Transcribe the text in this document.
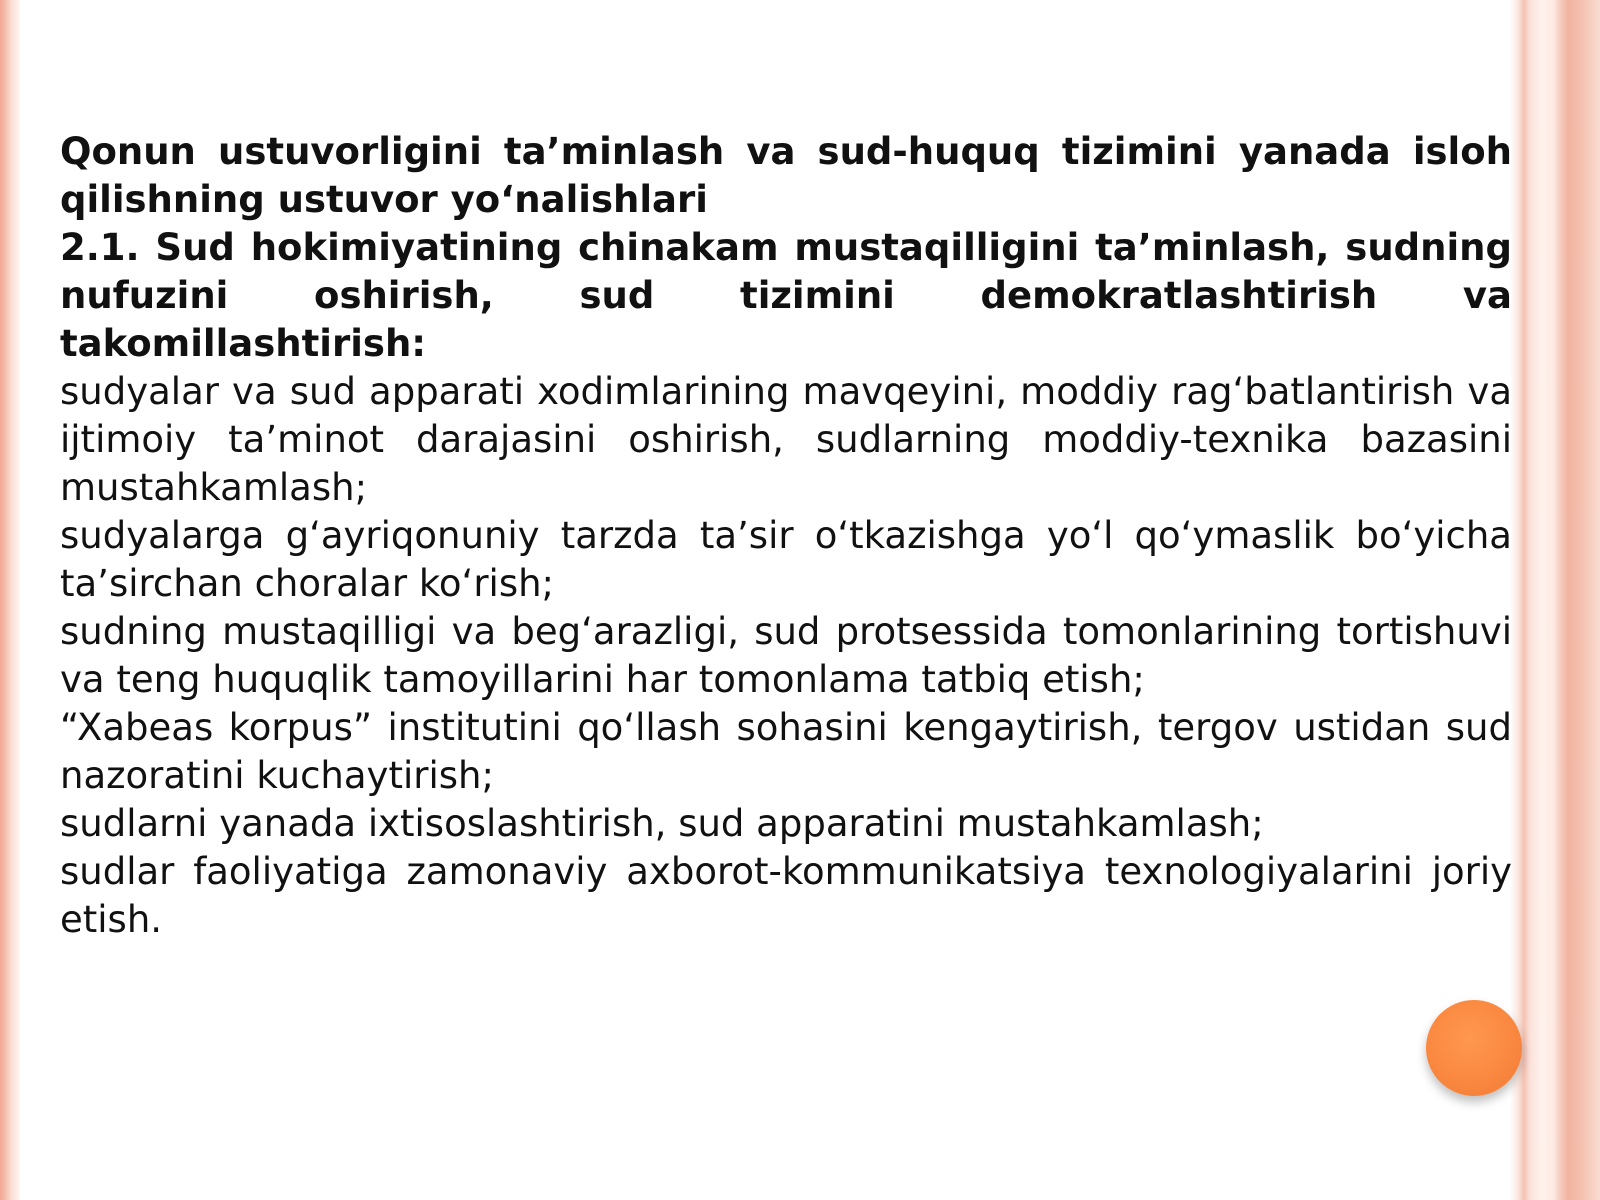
Qonun ustuvorligini ta’minlash va sud-huquq tizimini yanada isloh qilishning ustuvor yo‘nalishlari

2.1. Sud hokimiyatining chinakam mustaqilligini ta’minlash, sudning nufuzini oshirish, sud tizimini demokratlashtirish va takomillashtirish:

sudyalar va sud apparati xodimlarining mavqeyini, moddiy rag‘batlantirish va ijtimoiy ta’minot darajasini oshirish, sudlarning moddiy-texnika bazasini mustahkamlash;

sudyalarga g‘ayriqonuniy tarzda ta’sir o‘tkazishga yo‘l qo‘ymaslik bo‘yicha ta’sirchan choralar ko‘rish;

sudning mustaqilligi va beg‘arazligi, sud protsessida tomonlarining tortishuvi va teng huquqlik tamoyillarini har tomonlama tatbiq etish;

“Xabeas korpus” institutini qo‘llash sohasini kengaytirish, tergov ustidan sud nazoratini kuchaytirish;

sudlarni yanada ixtisoslashtirish, sud apparatini mustahkamlash;

sudlar faoliyatiga zamonaviy axborot-kommunikatsiya texnologiyalarini joriy etish.
